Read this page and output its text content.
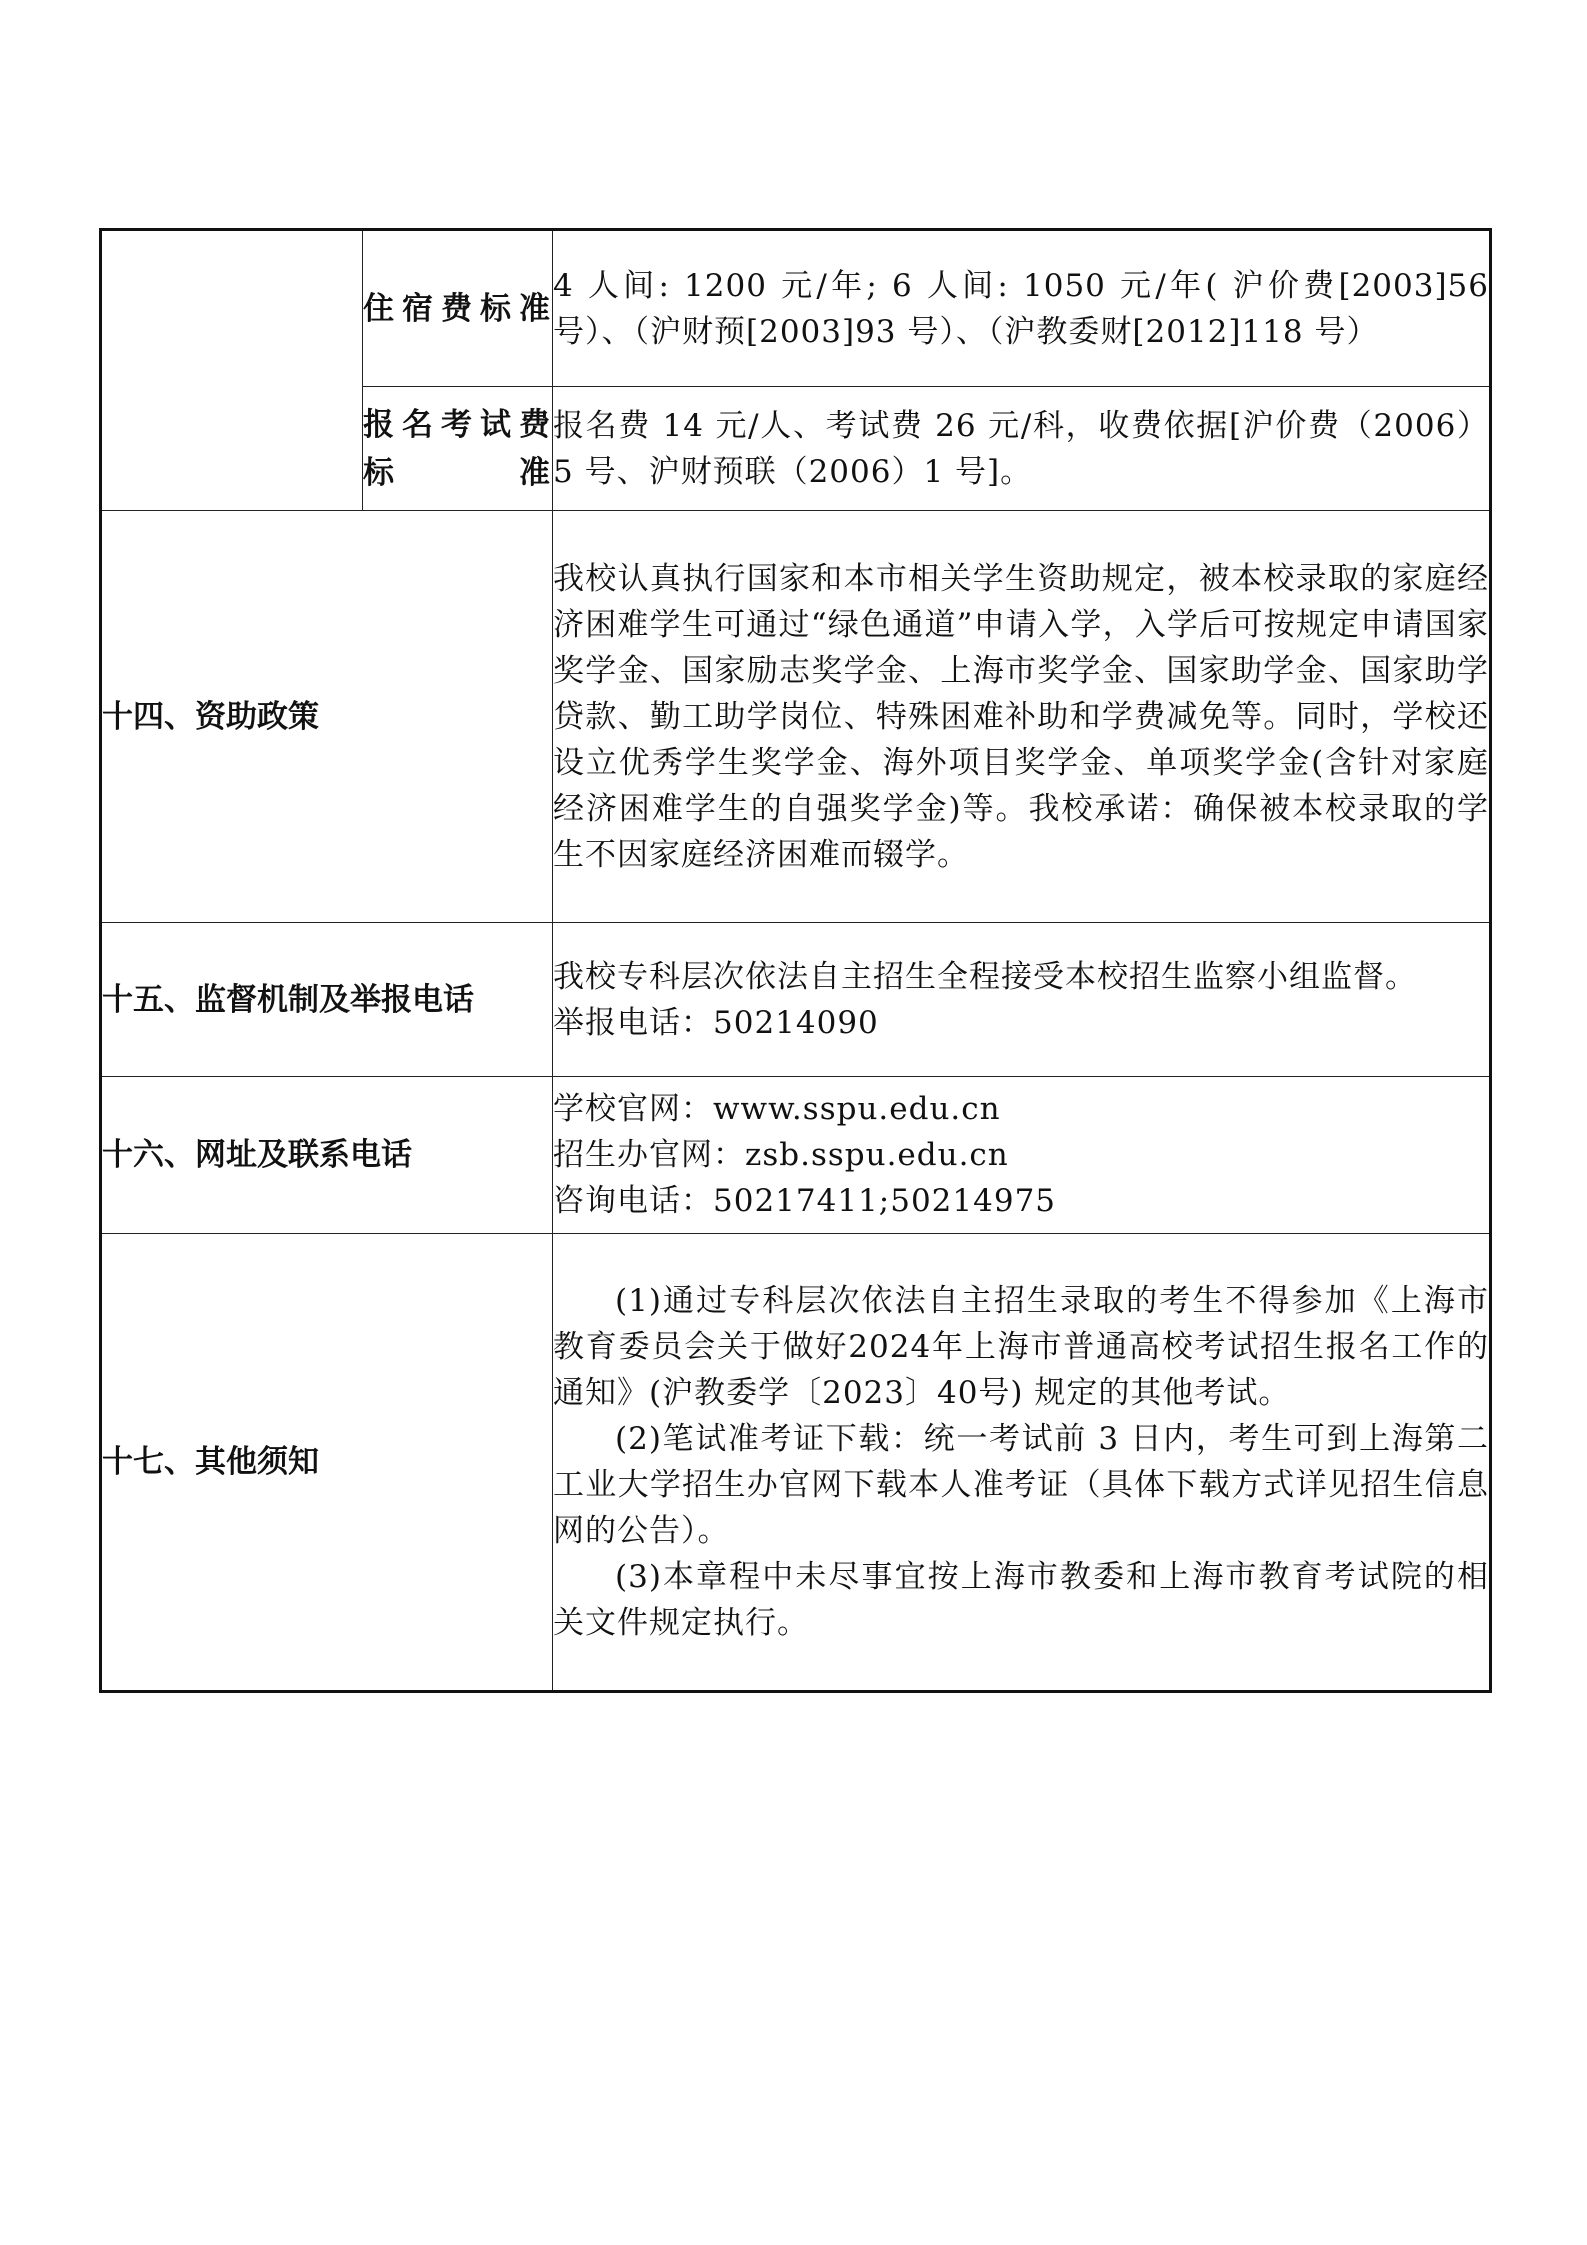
	住宿费标准	4 人间: 1200 元/年; 6 人间: 1050 元/年( 沪价费[2003]56 号）、（沪财预[2003]93 号）、（沪教委财[2012]118 号）
	报名考试费标准	报名费 14 元/人、考试费 26 元/科，收费依据[沪价费（2006）5 号、沪财预联（2006）1 号]。
十四、资助政策		我校认真执行国家和本市相关学生资助规定，被本校录取的家庭经济困难学生可通过“绿色通道”申请入学，入学后可按规定申请国家奖学金、国家励志奖学金、上海市奖学金、国家助学金、国家助学贷款、勤工助学岗位、特殊困难补助和学费减免等。同时，学校还设立优秀学生奖学金、海外项目奖学金、单项奖学金(含针对家庭经济困难学生的自强奖学金)等。我校承诺：确保被本校录取的学生不因家庭经济困难而辍学。
十五、监督机制及举报电话		我校专科层次依法自主招生全程接受本校招生监察小组监督。

举报电话：50214090

十六、网址及联系电话		学校官网：www.sspu.edu.cn

招生办官网：zsb.sspu.edu.cn

咨询电话：50217411;50214975

十七、其他须知		(1)通过专科层次依法自主招生录取的考生不得参加《上海市教育委员会关于做好2024年上海市普通高校考试招生报名工作的通知》(沪教委学〔2023〕40号) 规定的其他考试。

(2)笔试准考证下载：统一考试前 3 日内，考生可到上海第二工业大学招生办官网下载本人准考证（具体下载方式详见招生信息网的公告）。

(3)本章程中未尽事宜按上海市教委和上海市教育考试院的相关文件规定执行。
